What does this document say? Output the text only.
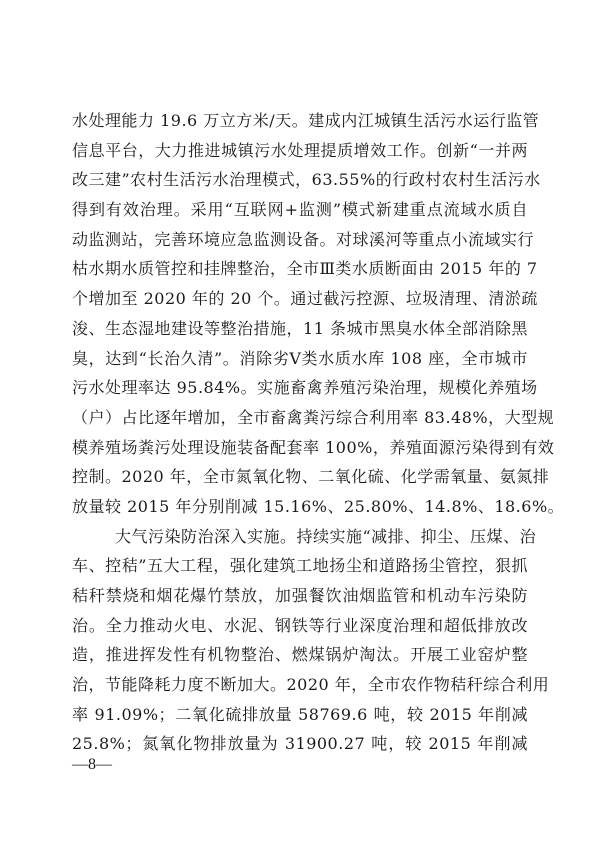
水处理能力 19.6 万立方米/天。建成内江城镇生活污水运行监管
信息平台，大力推进城镇污水处理提质增效工作。创新“一并两
改三建”农村生活污水治理模式，63.55%的行政村农村生活污水
得到有效治理。采用“互联网+监测”模式新建重点流域水质自
动监测站，完善环境应急监测设备。对球溪河等重点小流域实行
枯水期水质管控和挂牌整治，全市Ⅲ类水质断面由 2015 年的 7
个增加至 2020 年的 20 个。通过截污控源、垃圾清理、清淤疏
浚、生态湿地建设等整治措施，11 条城市黑臭水体全部消除黑
臭，达到“长治久清”。消除劣Ⅴ类水质水库 108 座，全市城市
污水处理率达 95.84%。实施畜禽养殖污染治理，规模化养殖场
（户）占比逐年增加，全市畜禽粪污综合利用率 83.48%，大型规
模养殖场粪污处理设施装备配套率 100%，养殖面源污染得到有效
控制。2020 年，全市氮氧化物、二氧化硫、化学需氧量、氨氮排
放量较 2015 年分别削减 15.16%、25.80%、14.8%、18.6%。
大气污染防治深入实施。持续实施“减排、抑尘、压煤、治
车、控秸”五大工程，强化建筑工地扬尘和道路扬尘管控，狠抓
秸秆禁烧和烟花爆竹禁放，加强餐饮油烟监管和机动车污染防
治。全力推动火电、水泥、钢铁等行业深度治理和超低排放改
造，推进挥发性有机物整治、燃煤锅炉淘汰。开展工业窑炉整
治，节能降耗力度不断加大。2020 年，全市农作物秸秆综合利用
率 91.09%；二氧化硫排放量 58769.6 吨，较 2015 年削减
25.8%；氮氧化物排放量为 31900.27 吨，较 2015 年削减
—8—
